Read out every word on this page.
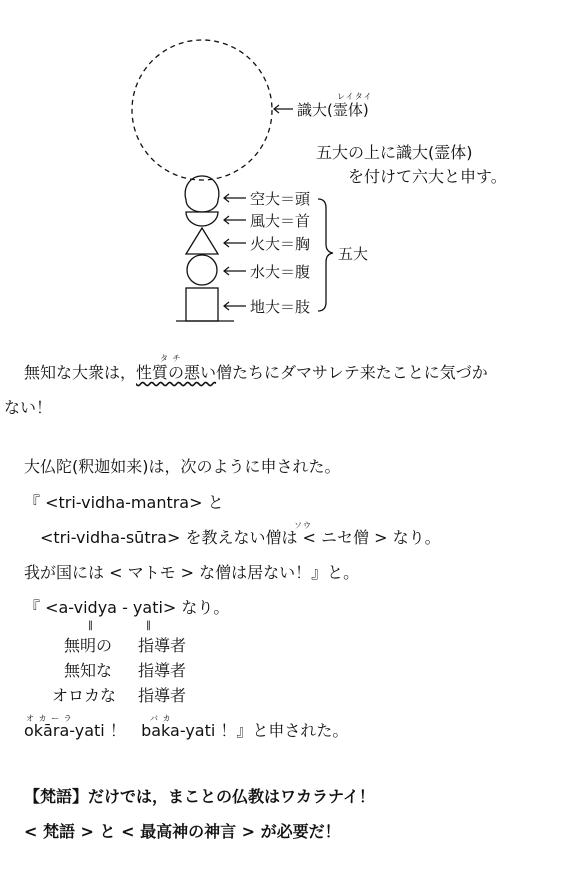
識大(霊体)
レイタイ
五大の上に識大(霊体)
を付けて六大と申す。
空大＝頭
風大＝首
火大＝胸
水大＝腹
地大＝肢
五大
タ チ
無知な大衆は，性質の悪い僧たちにダマサレテ来たことに気づか
ない！
大仏陀(釈迦如来)は，次のように申された。
『 <tri-vidha-mantra> と
ソウ
<tri-vidha-sūtra> を教えない僧は < ニセ僧 > なり。
我が国には < マトモ > な僧は居ない！』と。
『 <a-vidya - yati> なり。
‖	‖
無明の 指導者
無知な 指導者
オロカな 指導者
オ カ ー ラ	バ カ
okāra-yati ！ baka-yati ！』と申された。
【梵語】だけでは，まことの仏教はワカラナイ！
< 梵語 > と < 最高神の神言 > が必要だ！
